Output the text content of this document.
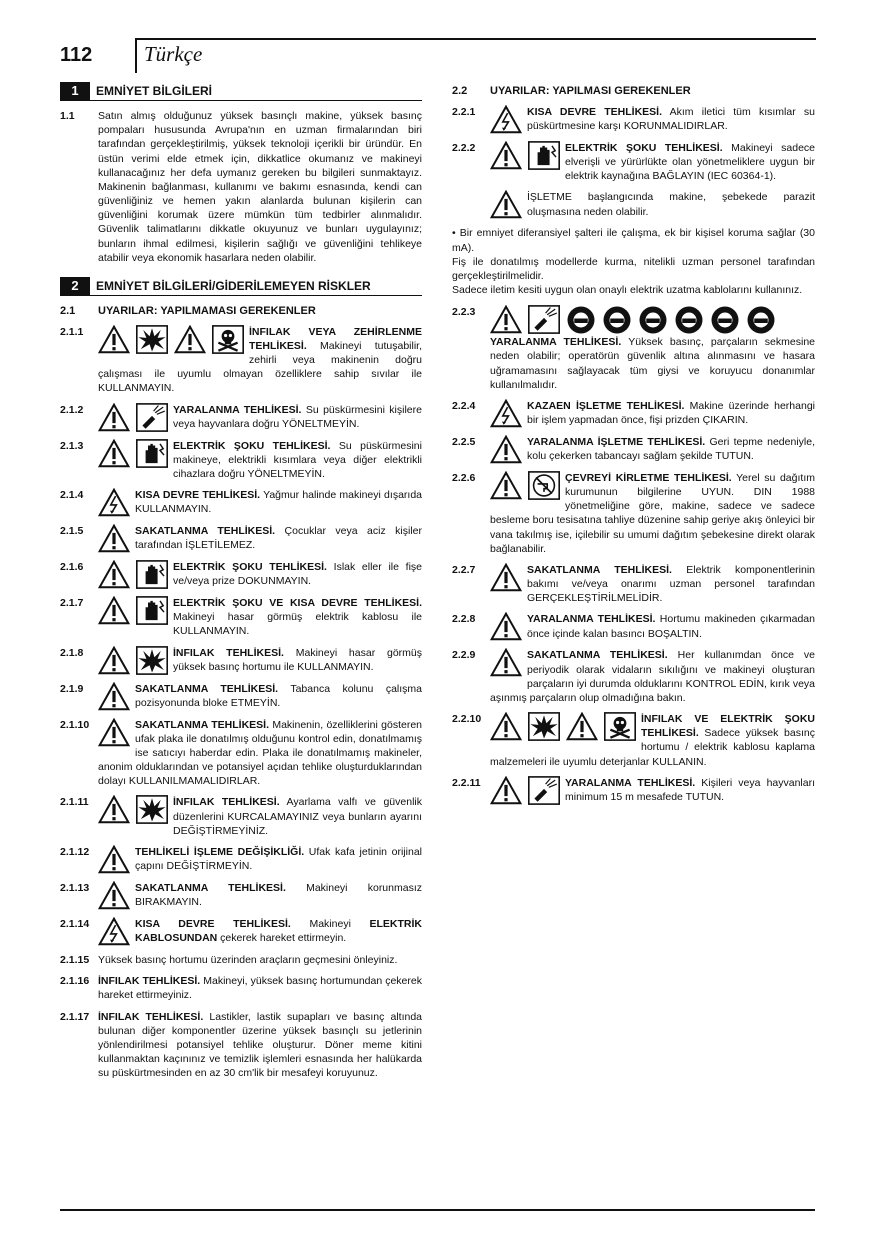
112 Türkçe
1	EMNİYET BİLGİLERİ
1.1	Satın almış olduğunuz yüksek basınçlı makine, yüksek basınç pompaları hususunda Avrupa'nın en uzman firmalarından biri tarafından gerçekleştirilmiş, yüksek teknoloji içerikli bir üründür. En üstün verimi elde etmek için, dikkatlice okumanız ve makineyi kullanacağınız her defa uymanız gereken bu bilgileri sunmaktayız. Makinenin bağlanması, kullanımı ve bakımı esnasında, kendi can güvenliğiniz ve hemen yakın alanlarda bulunan kişilerin can güvenliğini korumak üzere mümkün tüm tedbirler alınmalıdır. Güvenlik talimatlarını dikkatle okuyunuz ve bunları uygulayınız; bunların ihmal edilmesi, kişilerin sağlığı ve güvenliğini tehlikeye atabilir veya ekonomik hasarlara neden olabilir.
2	EMNİYET BİLGİLERİ/GİDERİLEMEYEN RİSKLER
2.1	UYARILAR: YAPILMAMASI GEREKENLER
2.1.1	İNFILAK VEYA ZEHİRLENME TEHLİKESİ. Makineyi tutuşabilir, zehirli veya makinenin doğru çalışması ile uyumlu olmayan özelliklere sahip sıvılar ile KULLANMAYIN.
2.1.2	YARALANMA TEHLİKESİ. Su püskürmesini kişilere veya hayvanlara doğru YÖNELTMEYİN.
2.1.3	ELEKTRİK ŞOKU TEHLİKESİ. Su püskürmesini makineye, elektrikli kısımlara veya diğer elektrikli cihazlara doğru YÖNELTMEYİN.
2.1.4	KISA DEVRE TEHLİKESİ. Yağmur halinde makineyi dışarıda KULLANMAYIN.
2.1.5	SAKATLANMA TEHLİKESİ. Çocuklar veya aciz kişiler tarafından İŞLETİLEMEZ.
2.1.6	ELEKTRİK ŞOKU TEHLİKESİ. Islak eller ile fişe ve/veya prize DOKUNMAYIN.
2.1.7	ELEKTRİK ŞOKU VE KISA DEVRE TEHLİKESİ. Makineyi hasar görmüş elektrik kablosu ile KULLANMAYIN.
2.1.8	İNFILAK TEHLİKESİ. Makineyi hasar görmüş yüksek basınç hortumu ile KULLANMAYIN.
2.1.9	SAKATLANMA TEHLİKESİ. Tabanca kolunu çalışma pozisyonunda bloke ETMEYİN.
2.1.10	SAKATLANMA TEHLİKESİ. Makinenin, özelliklerini gösteren ufak plaka ile donatılmış olduğunu kontrol edin, donatılmamış ise satıcıyı haberdar edin. Plaka ile donatılmamış makineler, anonim olduklarından ve potansiyel açıdan tehlike oluşturduklarından dolayı KULLANILMAMALIDIRLAR.
2.1.11	İNFILAK TEHLİKESİ. Ayarlama valfı ve güvenlik düzenlerini KURCALAMAYINIZ veya bunların ayarını DEĞİŞTİRMEYİNİZ.
2.1.12	TEHLİKELİ İŞLEME DEĞİŞİKLİĞİ. Ufak kafa jetinin orijinal çapını DEĞİŞTİRMEYİN.
2.1.13	SAKATLANMA TEHLİKESİ. Makineyi korunmasız BIRAKMAYIN.
2.1.14	KISA DEVRE TEHLİKESİ. Makineyi ELEKTRİK KABLOSUNDAN çekerek hareket ettirmeyin.
2.1.15 Yüksek basınç hortumu üzerinden araçların geçmesini önleyiniz.
2.1.16 İNFILAK TEHLİKESİ. Makineyi, yüksek basınç hortumundan çekerek hareket ettirmeyiniz.
2.1.17 İNFILAK TEHLİKESİ. Lastikler, lastik supapları ve basınç altında bulunan diğer komponentler üzerine yüksek basınçlı su jetlerinin yönlendirilmesi potansiyel tehlike oluşturur. Döner meme kitini kullanmaktan kaçınınız ve temizlik işlemleri esnasında her halükarda su püskürtmesinden en az 30 cm'lik bir mesafeyi koruyunuz.
2.2	UYARILAR: YAPILMASI GEREKENLER
2.2.1	KISA DEVRE TEHLİKESİ. Akım iletici tüm kısımlar su püskürtmesine karşı KORUNMALIDIRLAR.
2.2.2	ELEKTRİK ŞOKU TEHLİKESİ. Makineyi sadece elverişli ve yürürlükte olan yönetmeliklere uygun bir elektrik kaynağına BAĞLAYIN (IEC 60364-1).
İŞLETME başlangıcında makine, şebekede parazit oluşmasına neden olabilir.
• Bir emniyet diferansiyel şalteri ile çalışma, ek bir kişisel koruma sağlar (30 mA).
Fiş ile donatılmış modellerde kurma, nitelikli uzman personel tarafından gerçekleştirilmelidir.
Sadece iletim kesiti uygun olan onaylı elektrik uzatma kablolarını kullanınız.
2.2.3
YARALANMA TEHLİKESİ. Yüksek basınç, parçaların sekmesine neden olabilir; operatörün güvenlik altına alınmasını ve hasara uğramamasını sağlayacak tüm giysi ve koruyucu donanımlar kullanılmalıdır.
2.2.4	KAZAEN İŞLETME TEHLİKESİ. Makine üzerinde herhangi bir işlem yapmadan önce, fişi prizden ÇIKARIN.
2.2.5	YARALANMA İŞLETME TEHLİKESİ. Geri tepme nedeniyle, kolu çekerken tabancayı sağlam şekilde TUTUN.
2.2.6	ÇEVREYİ KİRLETME TEHLİKESİ. Yerel su dağıtım kurumunun bilgilerine UYUN. DIN 1988 yönetmeliğine göre, makine, sadece ve sadece besleme boru tesisatına tahliye düzenine sahip geriye akış önleyici bir vana takılmış ise, içilebilir su umumi dağıtım şebekesine direkt olarak bağlanabilir.
2.2.7	SAKATLANMA TEHLİKESİ. Elektrik komponentlerinin bakımı ve/veya onarımı uzman personel tarafından GERÇEKLEŞTİRİLMELİDİR.
2.2.8	YARALANMA TEHLİKESİ. Hortumu makineden çıkarmadan önce içinde kalan basıncı BOŞALTIN.
2.2.9	SAKATLANMA TEHLİKESİ. Her kullanımdan önce ve periyodik olarak vidaların sıkılığını ve makineyi oluşturan parçaların iyi durumda olduklarını KONTROL EDİN, kırık veya aşınmış parçaların olup olmadığına bakın.
2.2.10	İNFILAK VE ELEKTRİK ŞOKU TEHLİKESİ. Sadece yüksek basınç hortumu / elektrik kablosu kaplama malzemeleri ile uyumlu deterjanlar KULLANIN.
2.2.11	YARALANMA TEHLİKESİ. Kişileri veya hayvanları minimum 15 m mesafede TUTUN.
